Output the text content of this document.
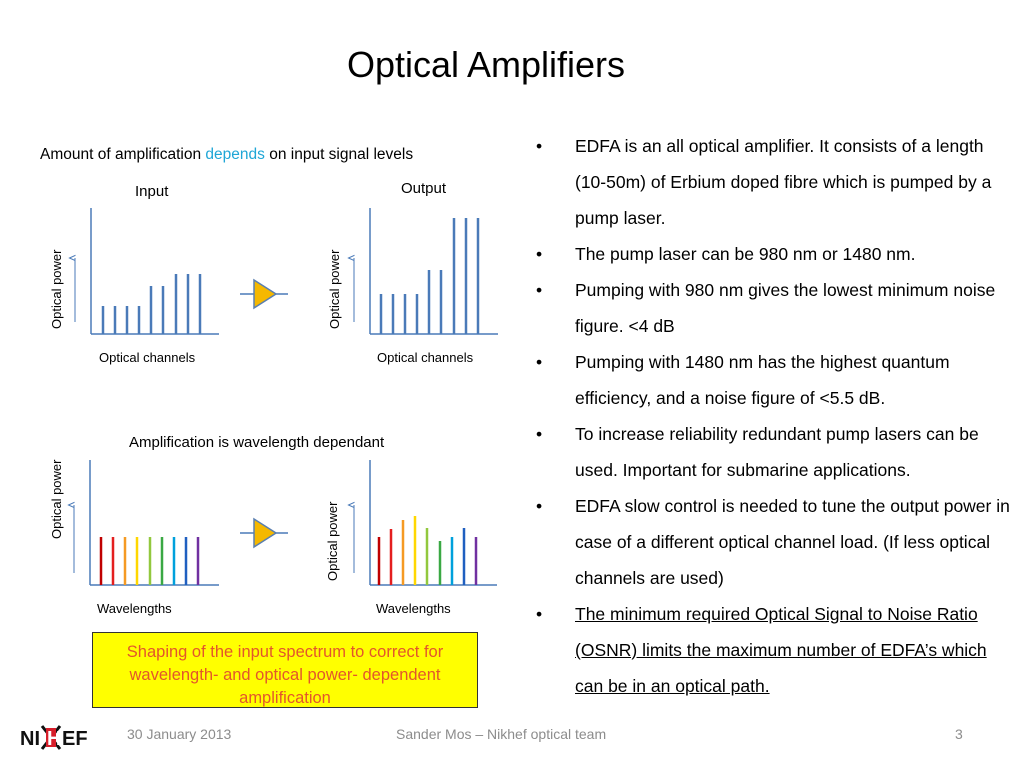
Optical Amplifiers
Amount of amplification depends on input signal levels
Input	Output
Optical power	Optical power
Optical power
Optical power
Optical channels	Optical channels
Amplification is wavelength dependant
Wavelengths	Wavelengths
• EDFA is an all optical amplifier. It consists of a length (10-50m) of Erbium doped fibre which is pumped by a pump laser.
• The pump laser can be 980 nm or 1480 nm.
• Pumping with 980 nm gives the lowest minimum noise figure. <4 dB
• Pumping with 1480 nm has the highest quantum efficiency, and a noise figure of <5.5 dB.
• To increase reliability redundant pump lasers can be used. Important for submarine applications.
• EDFA slow control is needed to tune the output power in case of a different optical channel load. (If less optical channels are used)
• The minimum required Optical Signal to Noise Ratio (OSNR) limits the maximum number of EDFA’s which can be in an optical path.
Shaping of the input spectrum to correct for wavelength- and optical power- dependent amplification
NI H EF	30 January 2013	Sander Mos – Nikhef optical team	3
